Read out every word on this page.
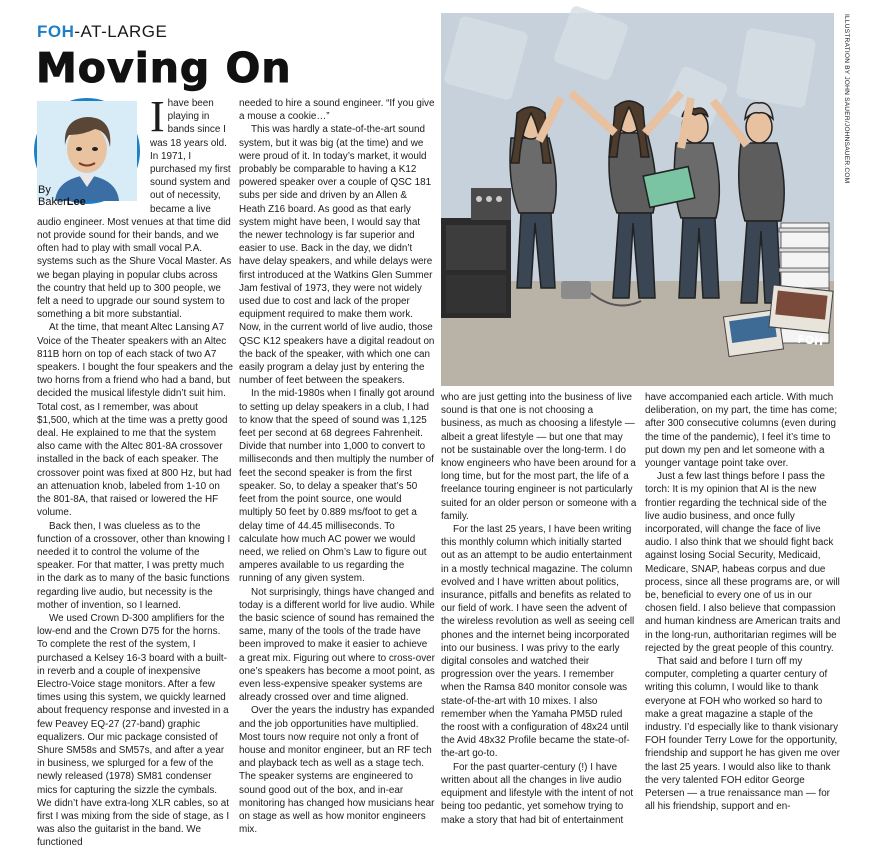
FOH-AT-LARGE
Moving On
By
BakerLee

Ihave been playing in bands since I was 18 years old. In 1971, I purchased my first sound system and out of necessity, became a live audio engineer. Most venues at that time did not provide sound for their bands, and we often had to play with small vocal P.A. systems such as the Shure Vocal Master. As we began playing in popular clubs across the country that held up to 300 people, we felt a need to upgrade our sound system to something a bit more substantial.

At the time, that meant Altec Lansing A7 Voice of the Theater speakers with an Altec 811B horn on top of each stack of two A7 speakers. I bought the four speakers and the two horns from a friend who had a band, but decided the musical lifestyle didn’t suit him. Total cost, as I remember, was about $1,500, which at the time was a pretty good deal. He explained to me that the system also came with the Altec 801-8A crossover installed in the back of each speaker. The crossover point was fixed at 800 Hz, but had an attenuation knob, labeled from 1-10 on the 801-8A, that raised or lowered the HF volume.

Back then, I was clueless as to the function of a crossover, other than knowing I needed it to control the volume of the speaker. For that matter, I was pretty much in the dark as to many of the basic functions regarding live audio, but necessity is the mother of invention, so I learned.

We used Crown D-300 amplifiers for the low-end and the Crown D75 for the horns. To complete the rest of the system, I purchased a Kelsey 16-3 board with a built-in reverb and a couple of inexpensive Electro-Voice stage monitors. After a few times using this system, we quickly learned about frequency response and invested in a few Peavey EQ-27 (27-band) graphic equalizers. Our mic package consisted of Shure SM58s and SM57s, and after a year in business, we splurged for a few of the newly released (1978) SM81 condenser mics for capturing the sizzle the cymbals. We didn’t have extra-long XLR cables, so at first I was mixing from the side of stage, as I was also the guitarist in the band. We functioned

needed to hire a sound engineer. “If you give a mouse a cookie…”

This was hardly a state-of-the-art sound system, but it was big (at the time) and we were proud of it. In today’s market, it would probably be comparable to having a K12 powered speaker over a couple of QSC 181 subs per side and driven by an Allen & Heath Z16 board. As good as that early system might have been, I would say that the newer technology is far superior and easier to use. Back in the day, we didn’t have delay speakers, and while delays were first introduced at the Watkins Glen Summer Jam festival of 1973, they were not widely used due to cost and lack of the proper equipment required to make them work. Now, in the current world of live audio, those QSC K12 speakers have a digital readout on the back of the speaker, with which one can easily program a delay just by entering the number of feet between the speakers.

In the mid-1980s when I finally got around to setting up delay speakers in a club, I had to know that the speed of sound was 1,125 feet per second at 68 degrees Fahrenheit. Divide that number into 1,000 to convert to milliseconds and then multiply the number of feet the second speaker is from the first speaker. So, to delay a speaker that’s 50 feet from the point source, one would multiply 50 feet by 0.889 ms/foot to get a delay time of 44.45 milliseconds. To calculate how much AC power we would need, we relied on Ohm’s Law to figure out amperes available to us regarding the running of any given system.

Not surprisingly, things have changed and today is a different world for live audio. While the basic science of sound has remained the same, many of the tools of the trade have been improved to make it easier to achieve a great mix. Figuring out where to cross-over one’s speakers has become a moot point, as even less-expensive speaker systems are already crossed over and time aligned.

Over the years the industry has expanded and the job opportunities have multiplied. Most tours now require not only a front of house and monitor engineer, but an RF tech and playback tech as well as a stage tech. The speaker systems are engineered to sound good out of the box, and in-ear monitoring has changed how musicians hear on stage as well as how monitor engineers mix.

FOH
ILLUSTRATION BY JOHN SAUER/JOHNSAUER.COM

who are just getting into the business of live sound is that one is not choosing a business, as much as choosing a lifestyle — albeit a great lifestyle — but one that may not be sustainable over the long-term. I do know engineers who have been around for a long time, but for the most part, the life of a freelance touring engineer is not particularly suited for an older person or someone with a family.

For the last 25 years, I have been writing this monthly column which initially started out as an attempt to be audio entertainment in a mostly technical magazine. The column evolved and I have written about politics, insurance, pitfalls and benefits as related to our field of work. I have seen the advent of the wireless revolution as well as seeing cell phones and the internet being incorporated into our business. I was privy to the early digital consoles and watched their progression over the years. I remember when the Ramsa 840 monitor console was state-of-the-art with 10 mixes. I also remember when the Yamaha PM5D ruled the roost with a configuration of 48x24 until the Avid 48x32 Profile became the state-of-the-art go-to.

For the past quarter-century (!) I have written about all the changes in live audio equipment and lifestyle with the intent of not being too pedantic, yet somehow trying to make a story that had bit of entertainment

have accompanied each article. With much deliberation, on my part, the time has come; after 300 consecutive columns (even during the time of the pandemic), I feel it’s time to put down my pen and let someone with a younger vantage point take over.

Just a few last things before I pass the torch: It is my opinion that AI is the new frontier regarding the technical side of the live audio business, and once fully incorporated, will change the face of live audio. I also think that we should fight back against losing Social Security, Medicaid, Medicare, SNAP, habeas corpus and due process, since all these programs are, or will be, beneficial to every one of us in our chosen field. I also believe that compassion and human kindness are American traits and in the long-run, authoritarian regimes will be rejected by the great people of this country.

That said and before I turn off my computer, completing a quarter century of writing this column, I would like to thank everyone at FOH who worked so hard to make a great magazine a staple of the industry. I’d especially like to thank visionary FOH founder Terry Lowe for the opportunity, friendship and support he has given me over the last 25 years. I would also like to thank the very talented FOH editor George Petersen — a true renaissance man — for all his friendship, support and en-
